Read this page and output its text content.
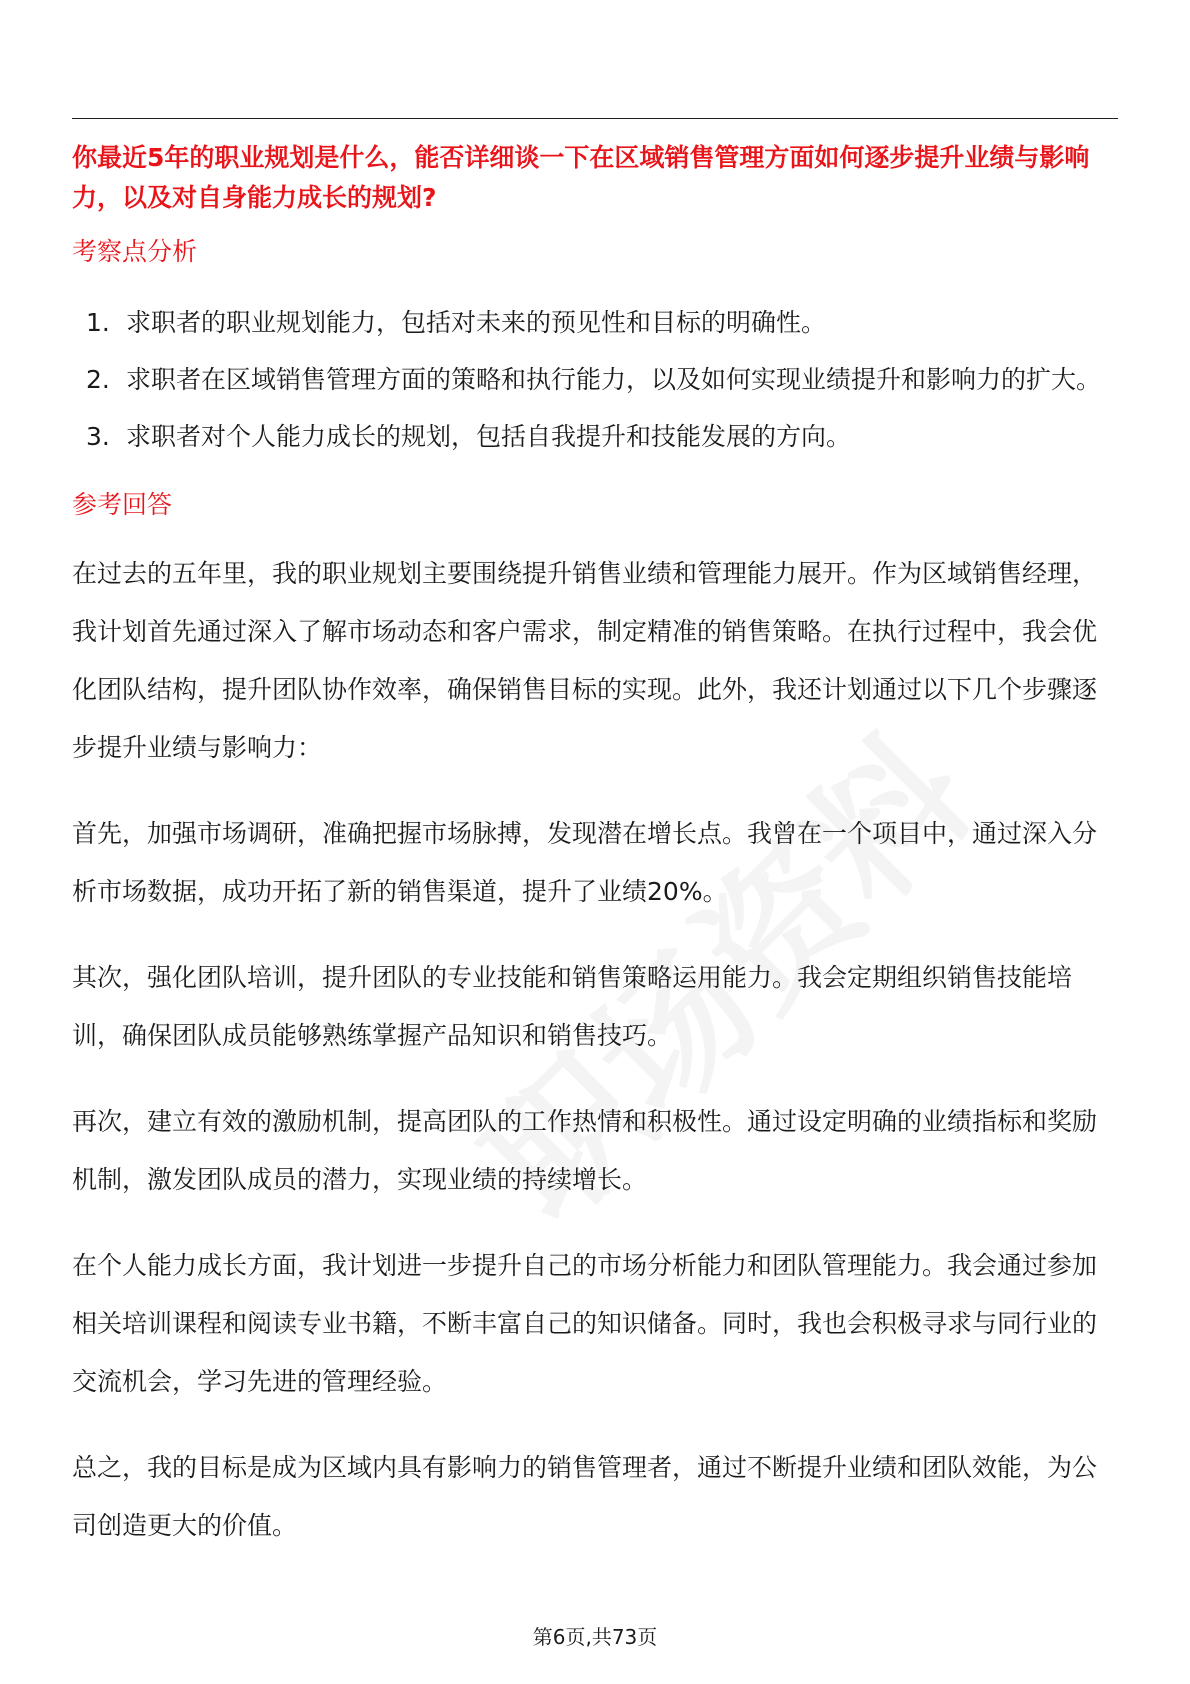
你最近5年的职业规划是什么，能否详细谈一下在区域销售管理方面如何逐步提升业绩与影响力，以及对自身能力成长的规划?
考察点分析
1. 求职者的职业规划能力，包括对未来的预见性和目标的明确性。
2. 求职者在区域销售管理方面的策略和执行能力，以及如何实现业绩提升和影响力的扩大。
3. 求职者对个人能力成长的规划，包括自我提升和技能发展的方向。
参考回答

在过去的五年里，我的职业规划主要围绕提升销售业绩和管理能力展开。作为区域销售经理，我计划首先通过深入了解市场动态和客户需求，制定精准的销售策略。在执行过程中，我会优化团队结构，提升团队协作效率，确保销售目标的实现。此外，我还计划通过以下几个步骤逐步提升业绩与影响力：

首先，加强市场调研，准确把握市场脉搏，发现潜在增长点。我曾在一个项目中，通过深入分析市场数据，成功开拓了新的销售渠道，提升了业绩20%。

其次，强化团队培训，提升团队的专业技能和销售策略运用能力。我会定期组织销售技能培训，确保团队成员能够熟练掌握产品知识和销售技巧。

再次，建立有效的激励机制，提高团队的工作热情和积极性。通过设定明确的业绩指标和奖励机制，激发团队成员的潜力，实现业绩的持续增长。

在个人能力成长方面，我计划进一步提升自己的市场分析能力和团队管理能力。我会通过参加相关培训课程和阅读专业书籍，不断丰富自己的知识储备。同时，我也会积极寻求与同行业的交流机会，学习先进的管理经验。

总之，我的目标是成为区域内具有影响力的销售管理者，通过不断提升业绩和团队效能，为公司创造更大的价值。

第6页,共73页
